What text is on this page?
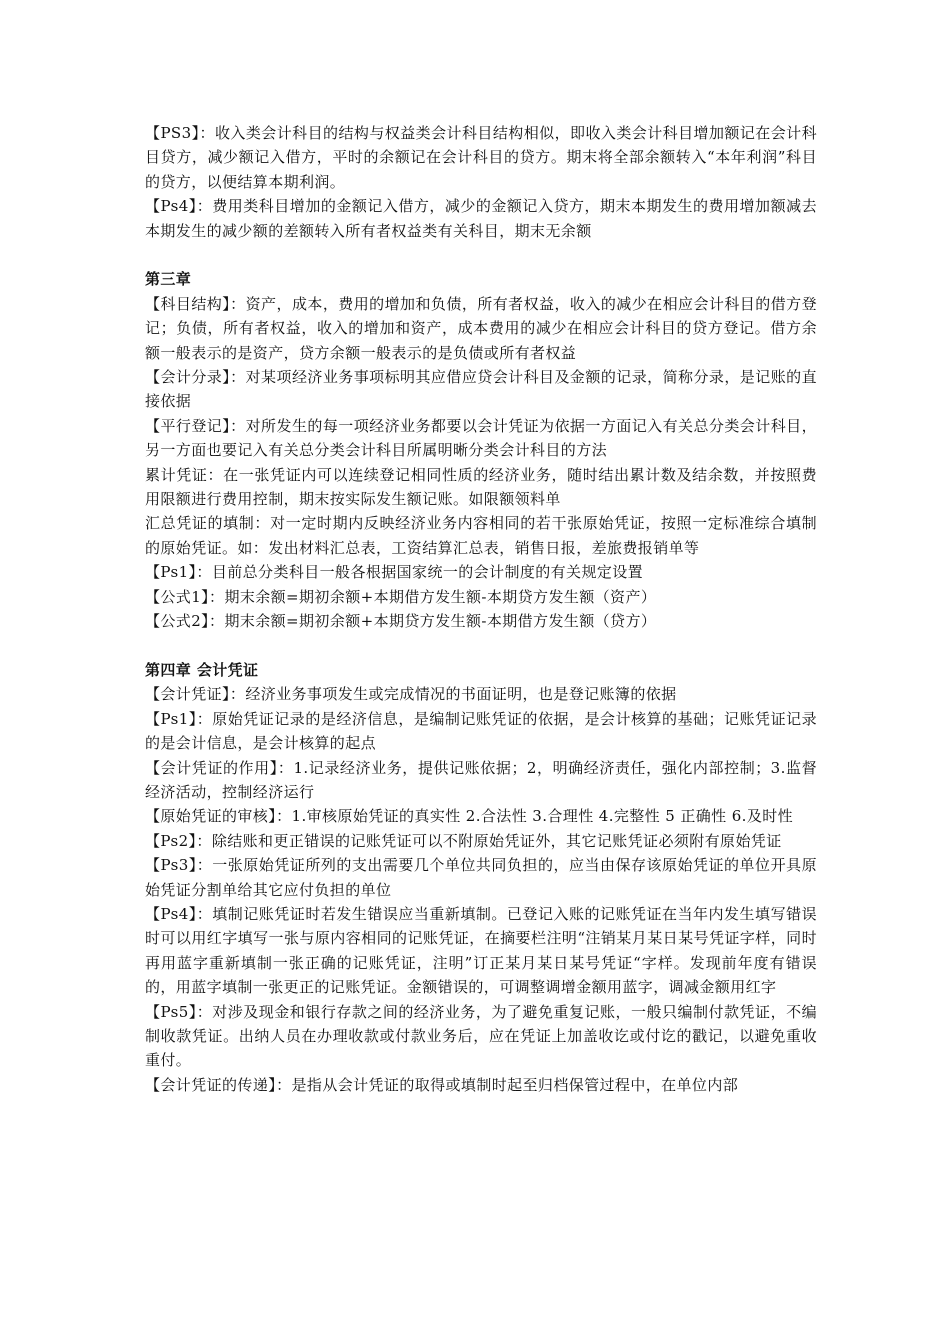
【PS3】：收入类会计科目的结构与权益类会计科目结构相似，即收入类会计科目增加额记在会计科目贷方，减少额记入借方，平时的余额记在会计科目的贷方。期末将全部余额转入“本年利润”科目的贷方，以便结算本期利润。

【Ps4】：费用类科目增加的金额记入借方，减少的金额记入贷方，期末本期发生的费用增加额减去本期发生的减少额的差额转入所有者权益类有关科目，期末无余额

第三章

【科目结构】：资产，成本，费用的增加和负债，所有者权益，收入的减少在相应会计科目的借方登记；负债，所有者权益，收入的增加和资产，成本费用的减少在相应会计科目的贷方登记。借方余额一般表示的是资产，贷方余额一般表示的是负债或所有者权益

【会计分录】：对某项经济业务事项标明其应借应贷会计科目及金额的记录，简称分录，是记账的直接依据

【平行登记】：对所发生的每一项经济业务都要以会计凭证为依据一方面记入有关总分类会计科目，另一方面也要记入有关总分类会计科目所属明晰分类会计科目的方法

累计凭证：在一张凭证内可以连续登记相同性质的经济业务，随时结出累计数及结余数，并按照费用限额进行费用控制，期末按实际发生额记账。如限额领料单

汇总凭证的填制：对一定时期内反映经济业务内容相同的若干张原始凭证，按照一定标准综合填制的原始凭证。如：发出材料汇总表，工资结算汇总表，销售日报，差旅费报销单等

【Ps1】：目前总分类科目一般各根据国家统一的会计制度的有关规定设置

【公式1】：期末余额=期初余额+本期借方发生额-本期贷方发生额（资产）

【公式2】：期末余额=期初余额+本期贷方发生额-本期借方发生额（贷方）

第四章 会计凭证

【会计凭证】：经济业务事项发生或完成情况的书面证明，也是登记账簿的依据

【Ps1】：原始凭证记录的是经济信息，是编制记账凭证的依据，是会计核算的基础；记账凭证记录的是会计信息，是会计核算的起点

【会计凭证的作用】：1.记录经济业务，提供记账依据；2，明确经济责任，强化内部控制；3.监督经济活动，控制经济运行

【原始凭证的审核】：1.审核原始凭证的真实性 2.合法性 3.合理性 4.完整性 5 正确性 6.及时性

【Ps2】：除结账和更正错误的记账凭证可以不附原始凭证外，其它记账凭证必须附有原始凭证

【Ps3】：一张原始凭证所列的支出需要几个单位共同负担的，应当由保存该原始凭证的单位开具原始凭证分割单给其它应付负担的单位

【Ps4】：填制记账凭证时若发生错误应当重新填制。已登记入账的记账凭证在当年内发生填写错误时可以用红字填写一张与原内容相同的记账凭证，在摘要栏注明“注销某月某日某号凭证字样，同时再用蓝字重新填制一张正确的记账凭证，注明”订正某月某日某号凭证“字样。发现前年度有错误的，用蓝字填制一张更正的记账凭证。金额错误的，可调整调增金额用蓝字，调减金额用红字

【Ps5】：对涉及现金和银行存款之间的经济业务，为了避免重复记账，一般只编制付款凭证，不编制收款凭证。出纳人员在办理收款或付款业务后，应在凭证上加盖收讫或付讫的戳记，以避免重收重付。

【会计凭证的传递】：是指从会计凭证的取得或填制时起至归档保管过程中，在单位内部
